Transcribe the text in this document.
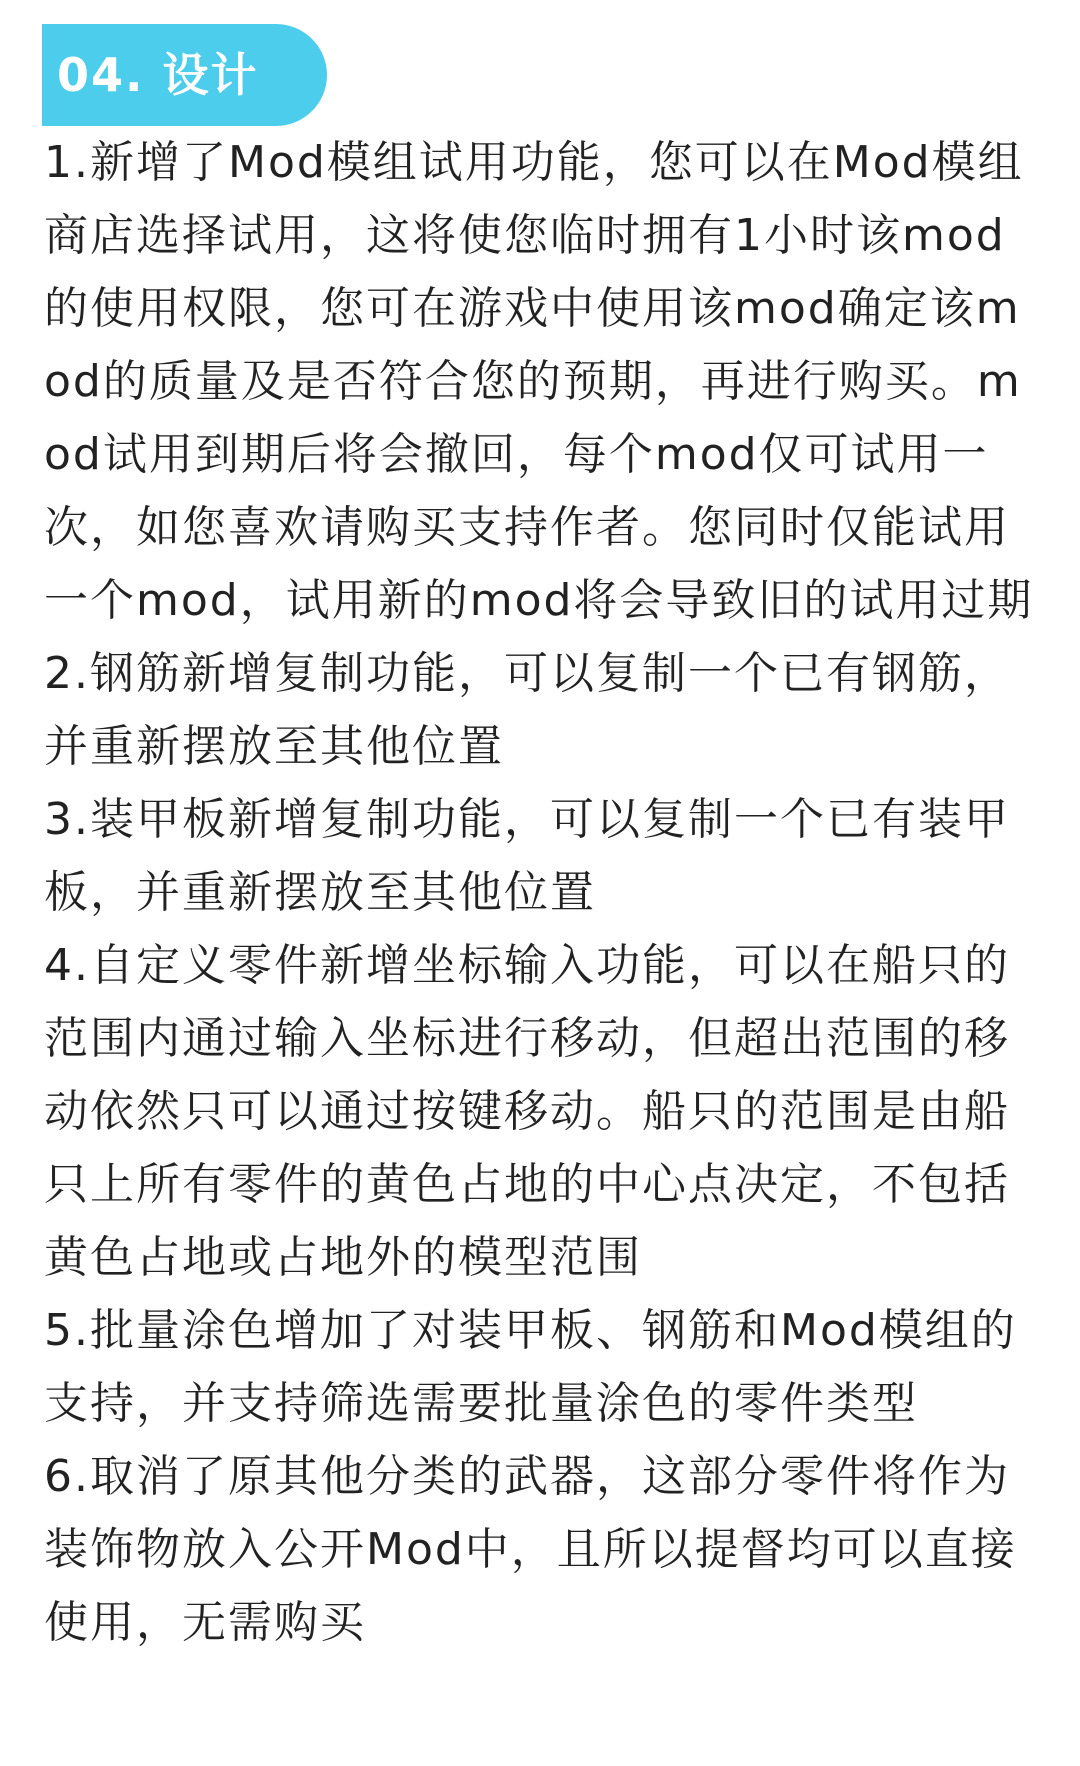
04. 设计

1.新增了Mod模组试用功能，您可以在Mod模组商店选择试用，这将使您临时拥有1小时该mod的使用权限，您可在游戏中使用该mod确定该mod的质量及是否符合您的预期，再进行购买。mod试用到期后将会撤回，每个mod仅可试用一次，如您喜欢请购买支持作者。您同时仅能试用一个mod，试用新的mod将会导致旧的试用过期

2.钢筋新增复制功能，可以复制一个已有钢筋，并重新摆放至其他位置

3.装甲板新增复制功能，可以复制一个已有装甲板，并重新摆放至其他位置

4.自定义零件新增坐标输入功能，可以在船只的范围内通过输入坐标进行移动，但超出范围的移动依然只可以通过按键移动。船只的范围是由船只上所有零件的黄色占地的中心点决定，不包括黄色占地或占地外的模型范围

5.批量涂色增加了对装甲板、钢筋和Mod模组的支持，并支持筛选需要批量涂色的零件类型

6.取消了原其他分类的武器，这部分零件将作为装饰物放入公开Mod中，且所以提督均可以直接使用，无需购买
